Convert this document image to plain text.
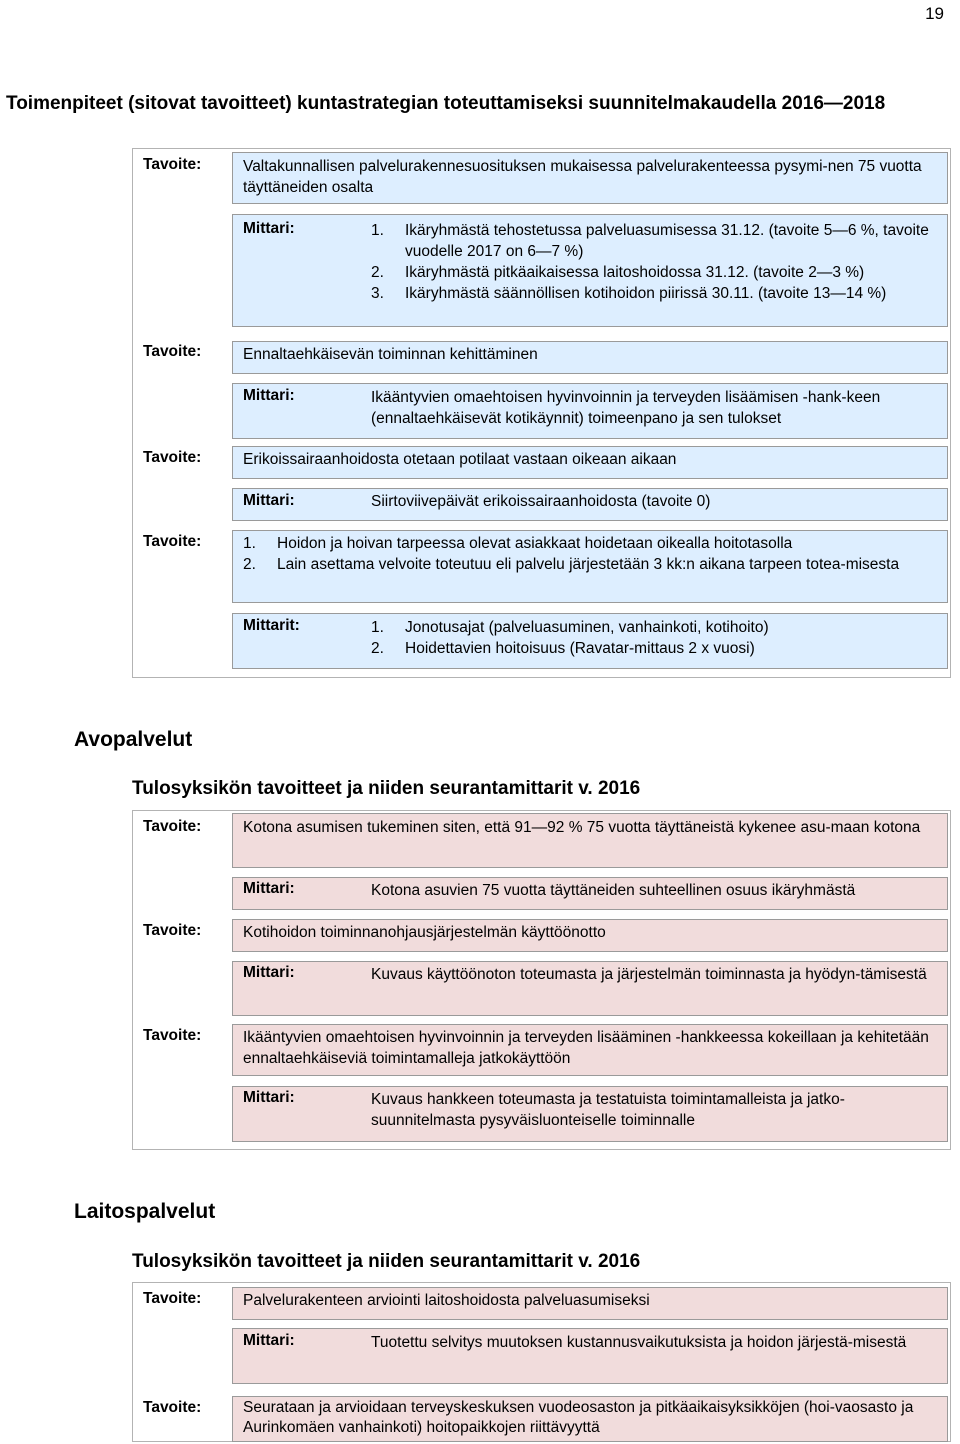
19
Toimenpiteet (sitovat tavoitteet) kuntastrategian toteuttamiseksi suunnitelmakaudella 2016—2018
Tavoite:	Valtakunnallisen palvelurakennesuosituksen mukaisessa palvelurakenteessa pysymi-nen 75 vuotta täyttäneiden osalta
Mittari:	1.	Ikäryhmästä tehostetussa palveluasumisessa 31.12. (tavoite 5—6 %, tavoite vuodelle 2017 on 6—7 %)
2.	Ikäryhmästä pitkäaikaisessa laitoshoidossa 31.12. (tavoite 2—3 %)
3.	Ikäryhmästä säännöllisen kotihoidon piirissä 30.11. (tavoite 13—14 %)
Tavoite:	Ennaltaehkäisevän toiminnan kehittäminen
Mittari:	Ikääntyvien omaehtoisen hyvinvoinnin ja terveyden lisäämisen -hank-keen (ennaltaehkäisevät kotikäynnit) toimeenpano ja sen tulokset
Tavoite:	Erikoissairaanhoidosta otetaan potilaat vastaan oikeaan aikaan
Mittari:	Siirtoviivepäivät erikoissairaanhoidosta (tavoite 0)
Tavoite:	1.	Hoidon ja hoivan tarpeessa olevat asiakkaat hoidetaan oikealla hoitotasolla
2.	Lain asettama velvoite toteutuu eli palvelu järjestetään 3 kk:n aikana tarpeen totea-misesta
Mittarit:	1.	Jonotusajat (palveluasuminen, vanhainkoti, kotihoito)
2.	Hoidettavien hoitoisuus (Ravatar-mittaus 2 x vuosi)
Avopalvelut
Tulosyksikön tavoitteet ja niiden seurantamittarit v. 2016
Tavoite:	Kotona asumisen tukeminen siten, että 91—92 % 75 vuotta täyttäneistä kykenee asu-maan kotona
Mittari:	Kotona asuvien 75 vuotta täyttäneiden suhteellinen osuus ikäryhmästä
Tavoite:	Kotihoidon toiminnanohjausjärjestelmän käyttöönotto
Mittari:	Kuvaus käyttöönoton toteumasta ja järjestelmän toiminnasta ja hyödyn-tämisestä
Tavoite:	Ikääntyvien omaehtoisen hyvinvoinnin ja terveyden lisääminen -hankkeessa kokeillaan ja kehitetään ennaltaehkäiseviä toimintamalleja jatkokäyttöön
Mittari:	Kuvaus hankkeen toteumasta ja testatuista toimintamalleista ja jatko-suunnitelmasta pysyväisluonteiselle toiminnalle
Laitospalvelut
Tulosyksikön tavoitteet ja niiden seurantamittarit v. 2016
Tavoite:	Palvelurakenteen arviointi laitoshoidosta palveluasumiseksi
Mittari:	Tuotettu selvitys muutoksen kustannusvaikutuksista ja hoidon järjestä-misestä
Tavoite:	Seurataan ja arvioidaan terveyskeskuksen vuodeosaston ja pitkäaikaisyksikköjen (hoi-vaosasto ja Aurinkomäen vanhainkoti) hoitopaikkojen riittävyyttä
